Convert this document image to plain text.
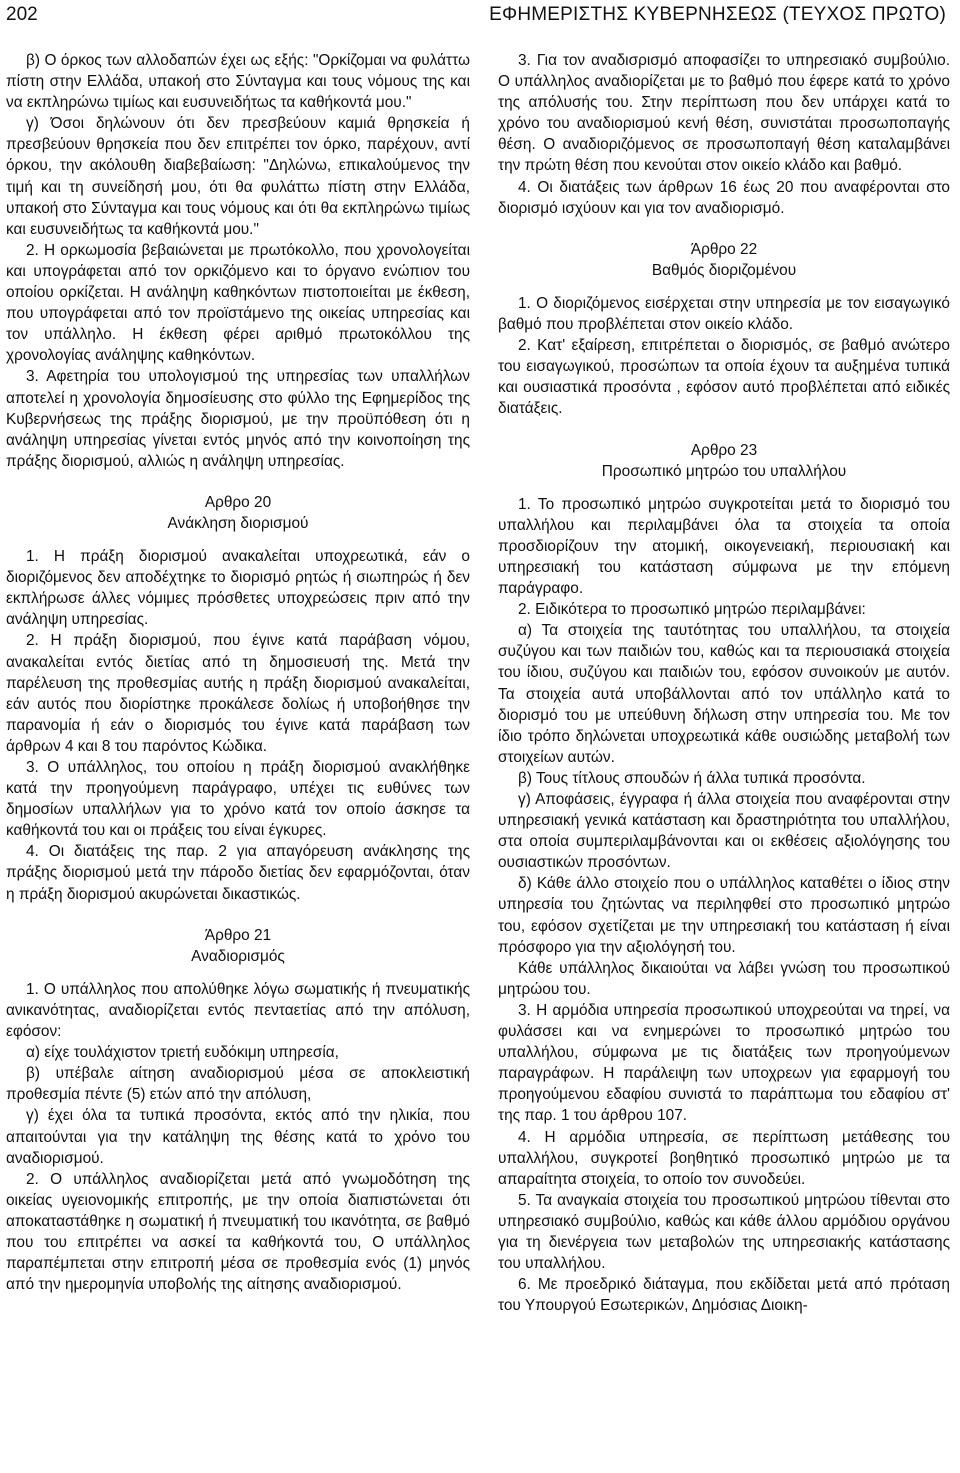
202	ΕΦΗΜΕΡΙΣΤΗΣ ΚΥΒΕΡΝΗΣΕΩΣ (ΤΕΥΧΟΣ ΠΡΩΤΟ)

β) Ο όρκος των αλλοδαπών έχει ως εξής: "Ορκίζομαι να φυλάττω πίστη στην Ελλάδα, υπακοή στο Σύνταγμα και τους νόμους της και να εκπληρώνω τιμίως και ευσυνειδήτως τα καθήκοντά μου."

γ) Όσοι δηλώνουν ότι δεν πρεσβεύουν καμιά θρησκεία ή πρεσβεύουν θρησκεία που δεν επιτρέπει τον όρκο, παρέχουν, αντί όρκου, την ακόλουθη διαβεβαίωση: "Δηλώνω, επικαλούμενος την τιμή και τη συνείδησή μου, ότι θα φυλάττω πίστη στην Ελλάδα, υπακοή στο Σύνταγμα και τους νόμους και ότι θα εκπληρώνω τιμίως και ευσυνειδήτως τα καθήκοντά μου."

2. Η ορκωμοσία βεβαιώνεται με πρωτόκολλο, που χρονολογείται και υπογράφεται από τον ορκιζόμενο και το όργανο ενώπιον του οποίου ορκίζεται. Η ανάληψη καθηκόντων πιστοποιείται με έκθεση, που υπογράφεται από τον προϊστάμενο της οικείας υπηρεσίας και τον υπάλληλο. Η έκθεση φέρει αριθμό πρωτοκόλλου της χρονολογίας ανάληψης καθηκόντων.

3. Αφετηρία του υπολογισμού της υπηρεσίας των υπαλλήλων αποτελεί η χρονολογία δημοσίευσης στο φύλλο της Εφημερίδος της Κυβερνήσεως της πράξης διορισμού, με την προϋπόθεση ότι η ανάληψη υπηρεσίας γίνεται εντός μηνός από την κοινοποίηση της πράξης διορισμού, αλλιώς η ανάληψη υπηρεσίας.

Αρθρο 20
Ανάκληση διορισμού

1. Η πράξη διορισμού ανακαλείται υποχρεωτικά, εάν ο διοριζόμενος δεν αποδέχτηκε το διορισμό ρητώς ή σιωπηρώς ή δεν εκπλήρωσε άλλες νόμιμες πρόσθετες υποχρεώσεις πριν από την ανάληψη υπηρεσίας.

2. Η πράξη διορισμού, που έγινε κατά παράβαση νόμου, ανακαλείται εντός διετίας από τη δημοσιευσή της. Μετά την παρέλευση της προθεσμίας αυτής η πράξη διορισμού ανακαλείται, εάν αυτός που διορίστηκε προκάλεσε δολίως ή υποβοήθησε την παρανομία ή εάν ο διορισμός του έγινε κατά παράβαση των άρθρων 4 και 8 του παρόντος Κώδικα.

3. Ο υπάλληλος, του οποίου η πράξη διορισμού ανακλήθηκε κατά την προηγούμενη παράγραφο, υπέχει τις ευθύνες των δημοσίων υπαλλήλων για το χρόνο κατά τον οποίο άσκησε τα καθήκοντά του και οι πράξεις του είναι έγκυρες.

4. Οι διατάξεις της παρ. 2 για απαγόρευση ανάκλησης της πράξης διορισμού μετά την πάροδο διετίας δεν εφαρμόζονται, όταν η πράξη διορισμού ακυρώνεται δικαστικώς.

Άρθρο 21
Αναδιορισμός

1. Ο υπάλληλος που απολύθηκε λόγω σωματικής ή πνευματικής ανικανότητας, αναδιορίζεται εντός πενταετίας από την απόλυση, εφόσον:

α) είχε τουλάχιστον τριετή ευδόκιμη υπηρεσία,

β) υπέβαλε αίτηση αναδιορισμού μέσα σε αποκλειστική προθεσμία πέντε (5) ετών από την απόλυση,

γ) έχει όλα τα τυπικά προσόντα, εκτός από την ηλικία, που απαιτούνται για την κατάληψη της θέσης κατά το χρόνο του αναδιορισμού.

2. Ο υπάλληλος αναδιορίζεται μετά από γνωμοδότηση της οικείας υγειονομικής επιτροπής, με την οποία διαπιστώνεται ότι αποκαταστάθηκε η σωματική ή πνευματική του ικανότητα, σε βαθμό που του επιτρέπει να ασκεί τα καθήκοντά του, Ο υπάλληλος παραπέμπεται στην επιτροπή μέσα σε προθεσμία ενός (1) μηνός από την ημερομηνία υποβολής της αίτησης αναδιορισμού.

3. Για τον αναδισρισμό αποφασίζει το υπηρεσιακό συμβούλιο. Ο υπάλληλος αναδιορίζεται με το βαθμό που έφερε κατά το χρόνο της απόλυσής του. Στην περίπτωση που δεν υπάρχει κατά το χρόνο του αναδιορισμού κενή θέση, συνιστάται προσωποπαγής θέση. Ο αναδιοριζόμενος σε προσωποπαγή θέση καταλαμβάνει την πρώτη θέση που κενούται στον οικείο κλάδο και βαθμό.

4. Οι διατάξεις των άρθρων 16 έως 20 που αναφέρονται στο διορισμό ισχύουν και για τον αναδιορισμό.

Άρθρο 22
Βαθμός διοριζομένου

1. Ο διοριζόμενος εισέρχεται στην υπηρεσία με τον εισαγωγικό βαθμό που προβλέπεται στον οικείο κλάδο.

2. Κατ' εξαίρεση, επιτρέπεται ο διορισμός, σε βαθμό ανώτερο του εισαγωγικού, προσώπων τα οποία έχουν τα αυξημένα τυπικά και ουσιαστικά προσόντα , εφόσον αυτό προβλέπεται από ειδικές διατάξεις.

Αρθρο 23
Προσωπικό μητρώο του υπαλλήλου

1. Το προσωπικό μητρώο συγκροτείται μετά το διορισμό του υπαλλήλου και περιλαμβάνει όλα τα στοιχεία τα οποία προσδιορίζουν την ατομική, οικογενειακή, περιουσιακή και υπηρεσιακή του κατάσταση σύμφωνα με την επόμενη παράγραφο.

2. Ειδικότερα το προσωπικό μητρώο περιλαμβάνει:

α) Τα στοιχεία της ταυτότητας του υπαλλήλου, τα στοιχεία συζύγου και των παιδιών του, καθώς και τα περιουσιακά στοιχεία του ίδιου, συζύγου και παιδιών του, εφόσον συνοικούν με αυτόν. Τα στοιχεία αυτά υποβάλλονται από τον υπάλληλο κατά το διορισμό του με υπεύθυνη δήλωση στην υπηρεσία του. Με τον ίδιο τρόπο δηλώνεται υποχρεωτικά κάθε ουσιώδης μεταβολή των στοιχείων αυτών.

β) Τους τίτλους σπουδών ή άλλα τυπικά προσόντα.

γ) Αποφάσεις, έγγραφα ή άλλα στοιχεία που αναφέρονται στην υπηρεσιακή γενικά κατάσταση και δραστηριότητα του υπαλλήλου, στα οποία συμπεριλαμβάνονται και οι εκθέσεις αξιολόγησης του ουσιαστικών προσόντων.

δ) Κάθε άλλο στοιχείο που ο υπάλληλος καταθέτει ο ίδιος στην υπηρεσία του ζητώντας να περιληφθεί στο προσωπικό μητρώο του, εφόσον σχετίζεται με την υπηρεσιακή του κατάσταση ή είναι πρόσφορο για την αξιολόγησή του.

Κάθε υπάλληλος δικαιούται να λάβει γνώση του προσωπικού μητρώου του.

3. Η αρμόδια υπηρεσία προσωπικού υποχρεούται να τηρεί, να φυλάσσει και να ενημερώνει το προσωπικό μητρώο του υπαλλήλου, σύμφωνα με τις διατάξεις των προηγούμενων παραγράφων. Η παράλειψη των υποχρεων για εφαρμογή του προηγούμενου εδαφίου συνιστά το παράπτωμα του εδαφίου στ' της παρ. 1 του άρθρου 107.

4. Η αρμόδια υπηρεσία, σε περίπτωση μετάθεσης του υπαλλήλου, συγκροτεί βοηθητικό προσωπικό μητρώο με τα απαραίτητα στοιχεία, το οποίο τον συνοδεύει.

5. Τα αναγκαία στοιχεία του προσωπικού μητρώου τίθενται στο υπηρεσιακό συμβούλιο, καθώς και κάθε άλλου αρμόδιου οργάνου για τη διενέργεια των μεταβολών της υπηρεσιακής κατάστασης του υπαλλήλου.

6. Με προεδρικό διάταγμα, που εκδίδεται μετά από πρόταση του Υπουργού Εσωτερικών, Δημόσιας Διοικη-
